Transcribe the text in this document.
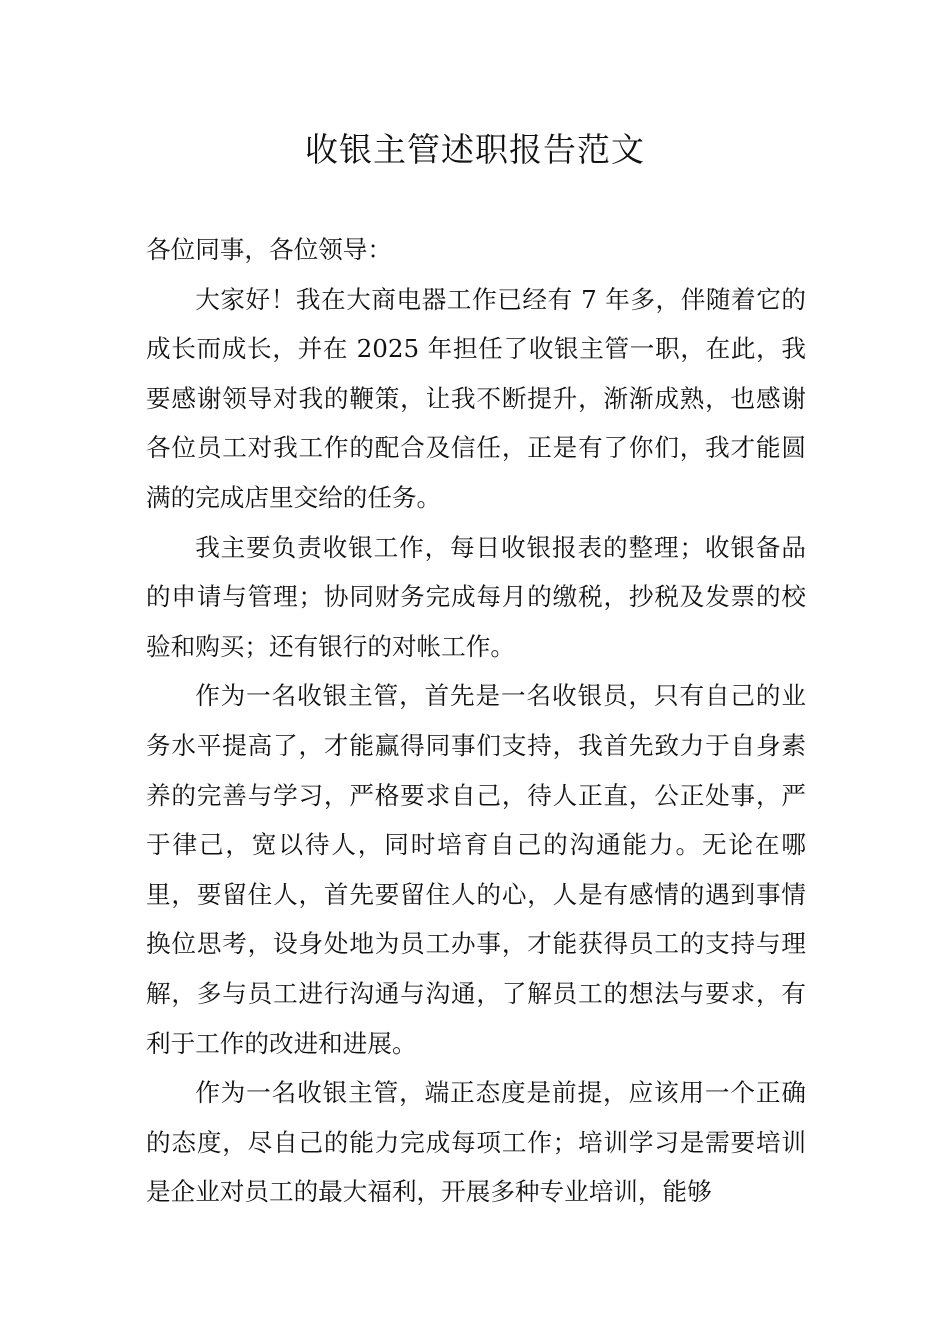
收银主管述职报告范文

各位同事，各位领导：

大家好！我在大商电器工作已经有 7 年多，伴随着它的成长而成长，并在 2025 年担任了收银主管一职，在此，我要感谢领导对我的鞭策，让我不断提升，渐渐成熟，也感谢各位员工对我工作的配合及信任，正是有了你们，我才能圆满的完成店里交给的任务。

我主要负责收银工作，每日收银报表的整理；收银备品的申请与管理；协同财务完成每月的缴税，抄税及发票的校验和购买；还有银行的对帐工作。

作为一名收银主管，首先是一名收银员，只有自己的业务水平提高了，才能赢得同事们支持，我首先致力于自身素养的完善与学习，严格要求自己，待人正直，公正处事，严于律己，宽以待人，同时培育自己的沟通能力。无论在哪里，要留住人，首先要留住人的心，人是有感情的遇到事情换位思考，设身处地为员工办事，才能获得员工的支持与理解，多与员工进行沟通与沟通，了解员工的想法与要求，有利于工作的改进和进展。

作为一名收银主管，端正态度是前提，应该用一个正确的态度，尽自己的能力完成每项工作；培训学习是需要培训是企业对员工的最大福利，开展多种专业培训，能够
